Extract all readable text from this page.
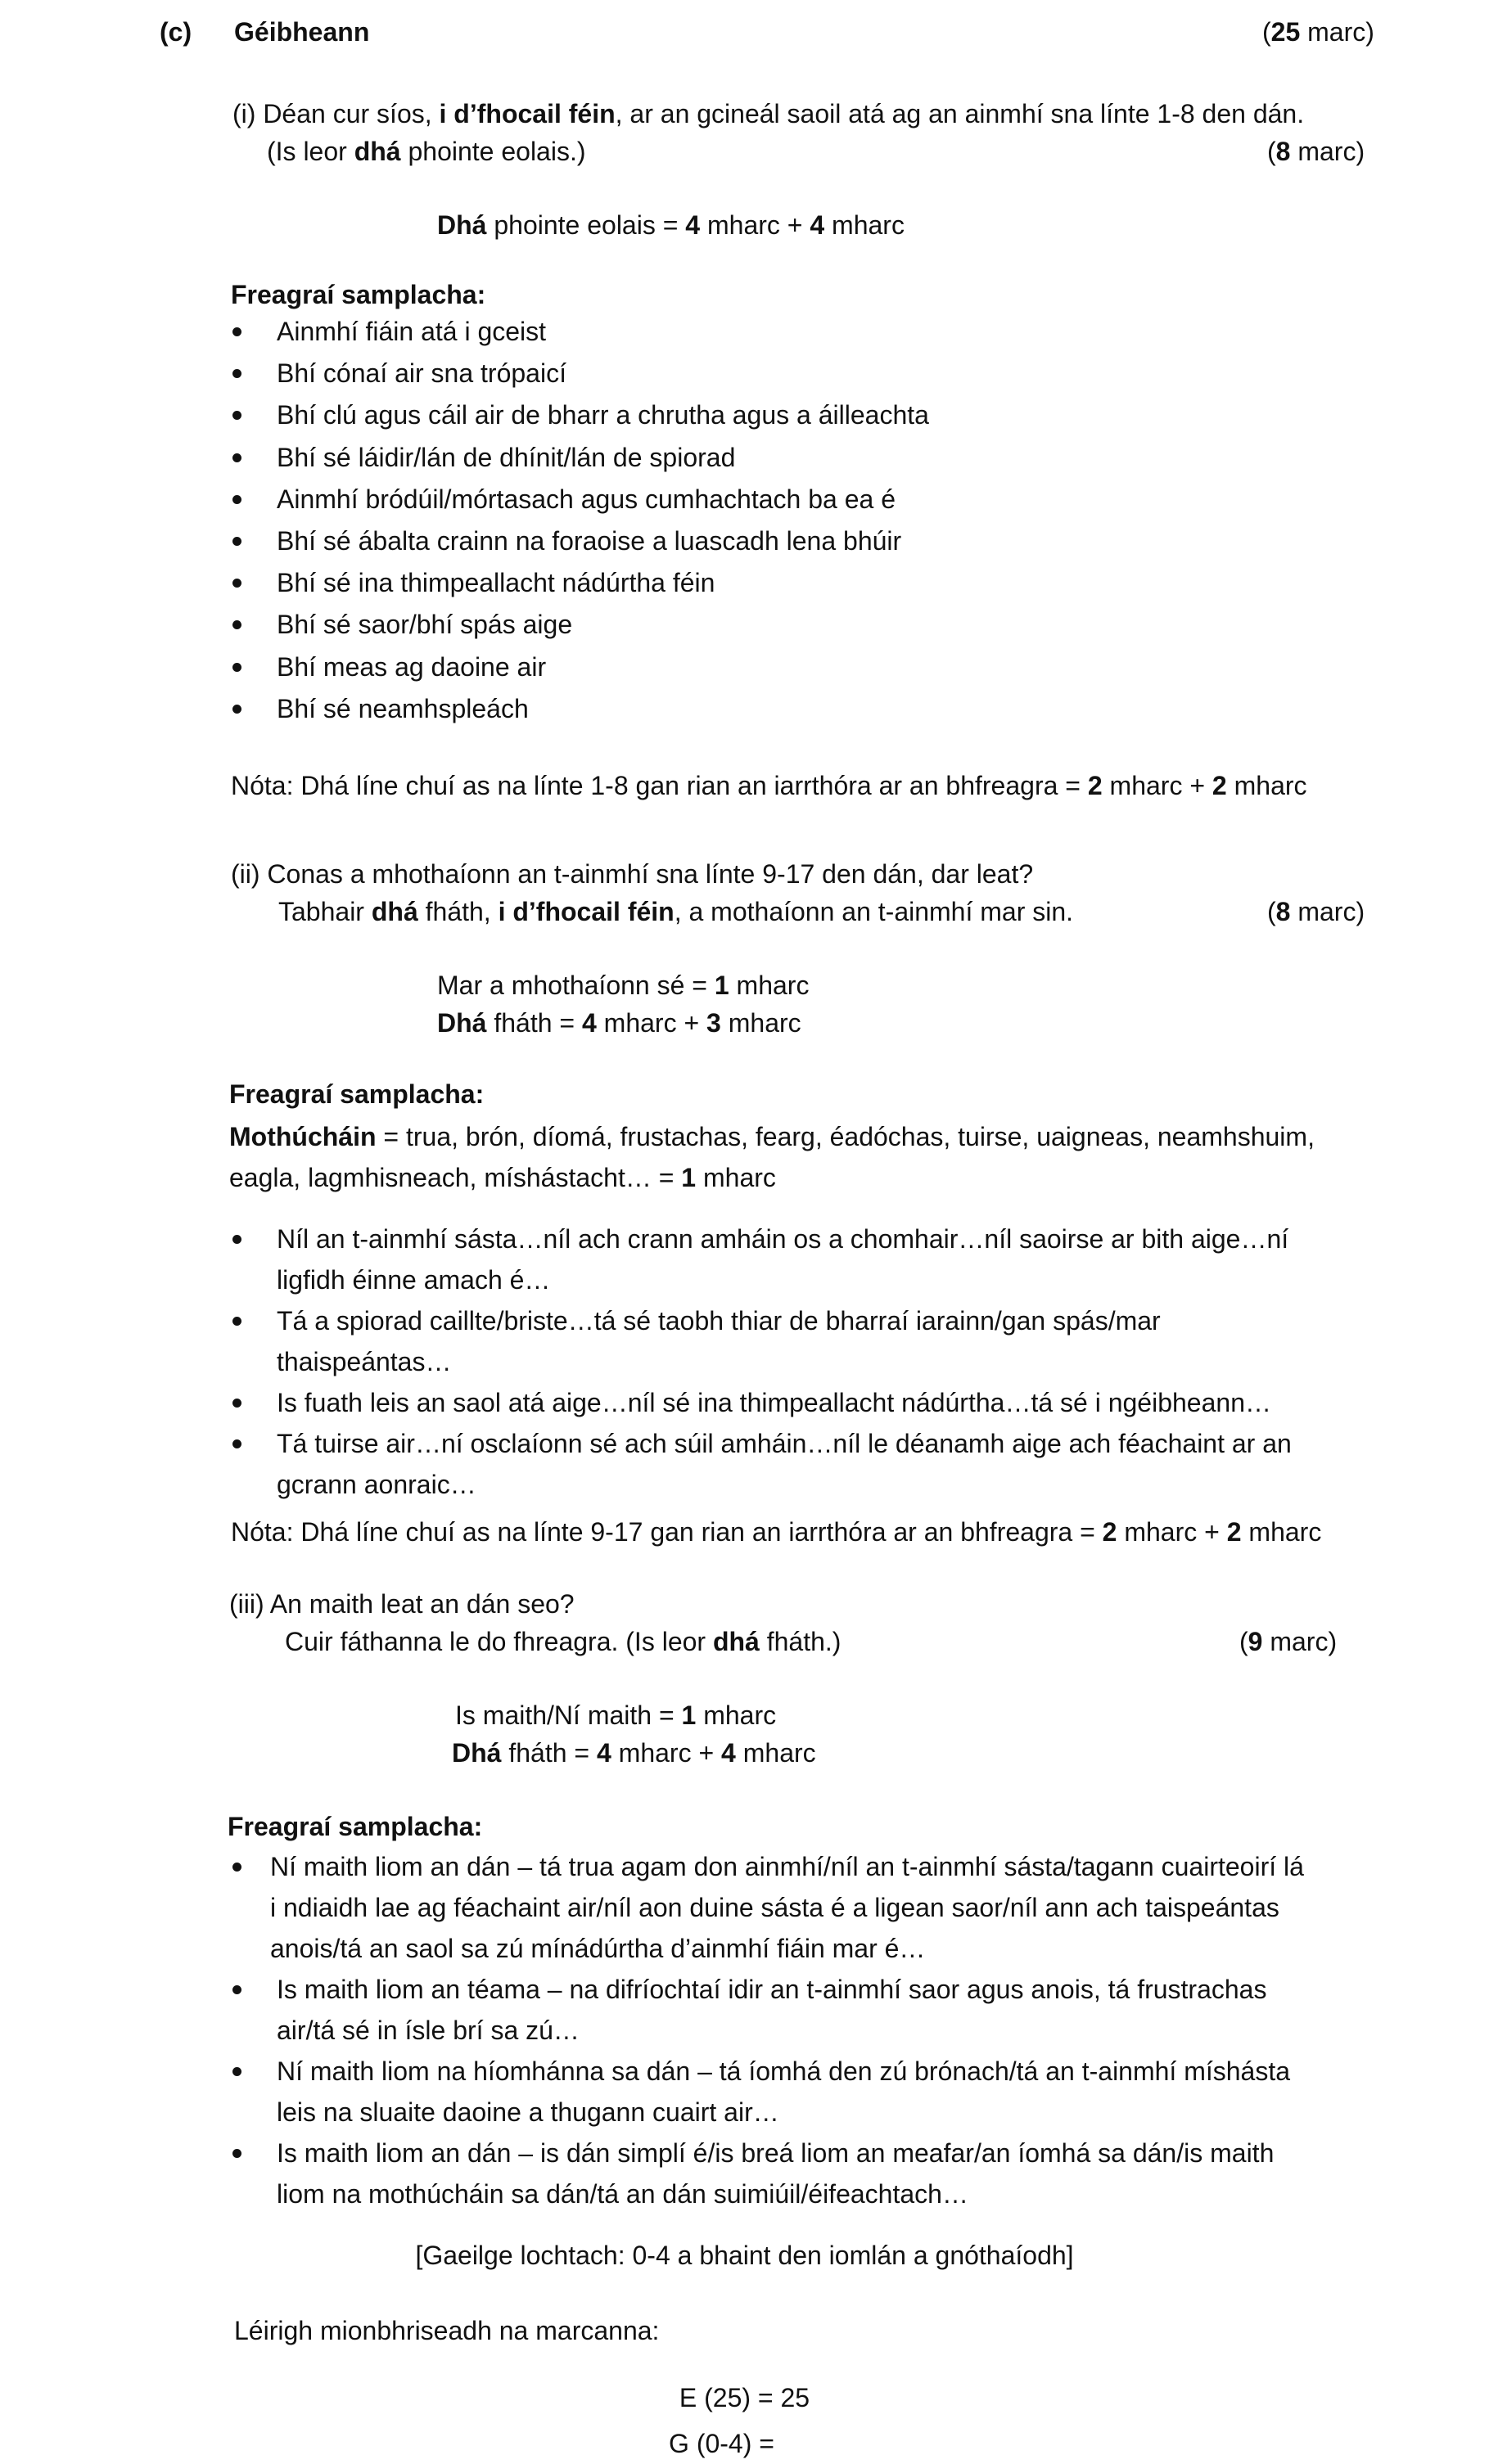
(c) Géibheann	(25 marc)
(i) Déan cur síos, i d’fhocail féin, ar an gcineál saoil atá ag an ainmhí sna línte 1-8 den dán.
(Is leor dhá phointe eolais.)	(8 marc)
Dhá phointe eolais = 4 mharc + 4 mharc
Freagraí samplacha:
Ainmhí fiáin atá i gceist
Bhí cónaí air sna trópaicí
Bhí clú agus cáil air de bharr a chrutha agus a áilleachta
Bhí sé láidir/lán de dhínit/lán de spiorad
Ainmhí bródúil/mórtasach agus cumhachtach ba ea é
Bhí sé ábalta crainn na foraoise a luascadh lena bhúir
Bhí sé ina thimpeallacht nádúrtha féin
Bhí sé saor/bhí spás aige
Bhí meas ag daoine air
Bhí sé neamhspleách
Nóta: Dhá líne chuí as na línte 1-8 gan rian an iarrthóra ar an bhfreagra = 2 mharc + 2 mharc
(ii) Conas a mhothaíonn an t-ainmhí sna línte 9-17 den dán, dar leat?
Tabhair dhá fháth, i d’fhocail féin, a mothaíonn an t-ainmhí mar sin.	(8 marc)
Mar a mhothaíonn sé = 1 mharc
Dhá fháth = 4 mharc + 3 mharc
Freagraí samplacha:
Mothúcháin = trua, brón, díomá, frustachas, fearg, éadóchas, tuirse, uaigneas, neamhshuim,
eagla, lagmhisneach, míshástacht… = 1 mharc
Níl an t-ainmhí sásta…níl ach crann amháin os a chomhair…níl saoirse ar bith aige…ní
ligfidh éinne amach é…
Tá a spiorad caillte/briste…tá sé taobh thiar de bharraí iarainn/gan spás/mar
thaispeántas…
Is fuath leis an saol atá aige…níl sé ina thimpeallacht nádúrtha…tá sé i ngéibheann…
Tá tuirse air…ní osclaíonn sé ach súil amháin…níl le déanamh aige ach féachaint ar an
gcrann aonraic…
Nóta: Dhá líne chuí as na línte 9-17 gan rian an iarrthóra ar an bhfreagra = 2 mharc + 2 mharc
(iii) An maith leat an dán seo?
Cuir fáthanna le do fhreagra. (Is leor dhá fháth.)	(9 marc)
Is maith/Ní maith = 1 mharc
Dhá fháth = 4 mharc + 4 mharc
Freagraí samplacha:
Ní maith liom an dán – tá trua agam don ainmhí/níl an t-ainmhí sásta/tagann cuairteoirí lá
i ndiaidh lae ag féachaint air/níl aon duine sásta é a ligean saor/níl ann ach taispeántas
anois/tá an saol sa zú mínádúrtha d’ainmhí fiáin mar é…
Is maith liom an téama – na difríochtaí idir an t-ainmhí saor agus anois, tá frustrachas
air/tá sé in ísle brí sa zú…
Ní maith liom na híomhánna sa dán – tá íomhá den zú brónach/tá an t-ainmhí míshásta
leis na sluaite daoine a thugann cuairt air…
Is maith liom an dán – is dán simplí é/is breá liom an meafar/an íomhá sa dán/is maith
liom na mothúcháin sa dán/tá an dán suimiúil/éifeachtach…
[Gaeilge lochtach: 0-4 a bhaint den iomlán a gnóthaíodh]
Léirigh mionbhriseadh na marcanna:
E (25) = 25
G (0-4) =
